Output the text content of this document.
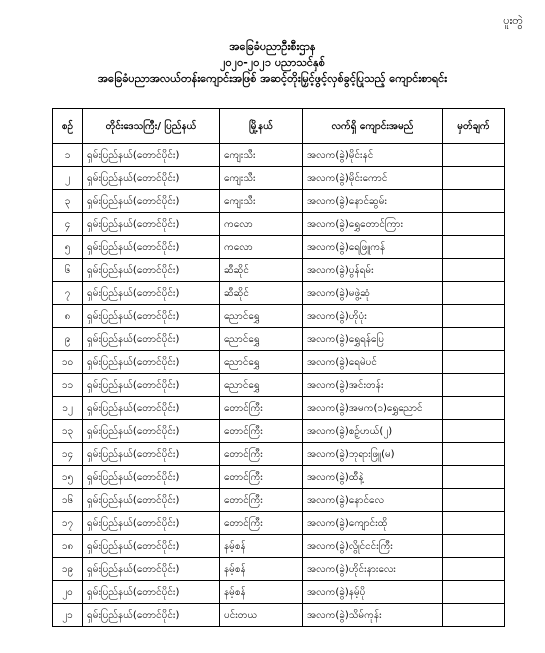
ပူးတွဲ
အခြေခံပညာဦးစီးဌာန
၂၀၂၀-၂၀၂၁ ပညာသင်နှစ်
အခြေခံပညာအလယ်တန်းကျောင်းအဖြစ် အဆင့်တိုးမြှင့်ဖွင့်လှစ်ခွင့်ပြုသည့် ကျောင်းစာရင်း
စဥ်	တိုင်းဒေသကြီး/ ပြည်နယ်	မြို့နယ်	လက်ရှိ ကျောင်းအမည်	မှတ်ချက်
၁	ရှမ်းပြည်နယ်(တောင်ပိုင်း)	ကျေးသီး	အလက(ခွဲ)မိုင်းနင်	
၂	ရှမ်းပြည်နယ်(တောင်ပိုင်း)	ကျေးသီး	အလက(ခွဲ)မိုင်းကောင်	
၃	ရှမ်းပြည်နယ်(တောင်ပိုင်း)	ကျေးသီး	အလက(ခွဲ)နောင်ဆွမ်း	
၄	ရှမ်းပြည်နယ်(တောင်ပိုင်း)	ကလော	အလက(ခွဲ)ရွှေတောင်ကြား	
၅	ရှမ်းပြည်နယ်(တောင်ပိုင်း)	ကလော	အလက(ခွဲ)ရေဖြူကန်	
၆	ရှမ်းပြည်နယ်(တောင်ပိုင်း)	ဆီဆိုင်	အလက(ခွဲ)ပွန်ရမ်း	
၇	ရှမ်းပြည်နယ်(တောင်ပိုင်း)	ဆီဆိုင်	အလက(ခွဲ)မဖွဲ့ဆုံ	
၈	ရှမ်းပြည်နယ်(တောင်ပိုင်း)	ညောင်ရွှေ	အလက(ခွဲ)ဟိုပုံး	
၉	ရှမ်းပြည်နယ်(တောင်ပိုင်း)	ညောင်ရွှေ	အလက(ခွဲ)ရွှေရန်ပြေ	
၁၀	ရှမ်းပြည်နယ်(တောင်ပိုင်း)	ညောင်ရွှေ	အလက(ခွဲ)ရေမဲပင်	
၁၁	ရှမ်းပြည်နယ်(တောင်ပိုင်း)	ညောင်ရွှေ	အလက(ခွဲ)အင်းတန်း	
၁၂	ရှမ်းပြည်နယ်(တောင်ပိုင်း)	တောင်ကြီး	အလက(ခွဲ)အမက(၁)ရွှေညောင်	
၁၃	ရှမ်းပြည်နယ်(တောင်ပိုင်း)	တောင်ကြီး	အလက(ခွဲ)စဥ့်ဟယ်(၂)	
၁၄	ရှမ်းပြည်နယ်(တောင်ပိုင်း)	တောင်ကြီး	အလက(ခွဲ)ဘုရားဖြူ(မ)	
၁၅	ရှမ်းပြည်နယ်(တောင်ပိုင်း)	တောင်ကြီး	အလက(ခွဲ)ထီနဲ့	
၁၆	ရှမ်းပြည်နယ်(တောင်ပိုင်း)	တောင်ကြီး	အလက(ခွဲ)နောင်လေ	
၁၇	ရှမ်းပြည်နယ်(တောင်ပိုင်း)	တောင်ကြီး	အလက(ခွဲ)ကျောင်းထို	
၁၈	ရှမ်းပြည်နယ်(တောင်ပိုင်း)	နမ့်စန်	အလက(ခွဲ)လွိုင်ငင်းကြီး	
၁၉	ရှမ်းပြည်နယ်(တောင်ပိုင်း)	နမ့်စန်	အလက(ခွဲ)ဟိုင်းနားလေး	
၂၀	ရှမ်းပြည်နယ်(တောင်ပိုင်း)	နမ့်စန်	အလက(ခွဲ)နမ့်ပို	
၂၁	ရှမ်းပြည်နယ်(တောင်ပိုင်း)	ပင်းတယ	အလက(ခွဲ)သိမ်ကုန်း	
